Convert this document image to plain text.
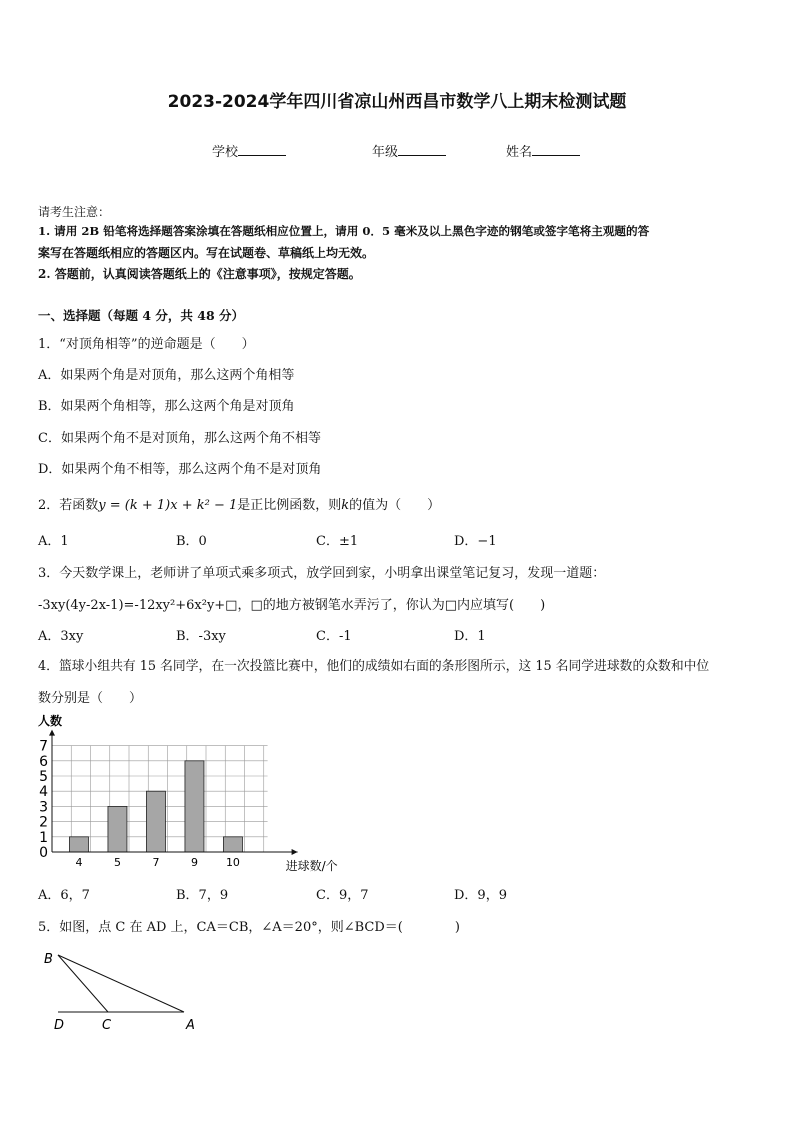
2023-2024学年四川省凉山州西昌市数学八上期末检测试题
学校	年级	姓名
请考生注意：
1. 请用 2B 铅笔将选择题答案涂填在答题纸相应位置上，请用 0．5 毫米及以上黑色字迹的钢笔或签字笔将主观题的答
案写在答题纸相应的答题区内。写在试题卷、草稿纸上均无效。
2. 答题前，认真阅读答题纸上的《注意事项》，按规定答题。
一、选择题（每题 4 分，共 48 分）
1．“对顶角相等”的逆命题是（　　）
A．如果两个角是对顶角，那么这两个角相等
B．如果两个角相等，那么这两个角是对顶角
C．如果两个角不是对顶角，那么这两个角不相等
D．如果两个角不相等，那么这两个角不是对顶角
2．若函数y = (k + 1)x + k² − 1是正比例函数，则k的值为（　　）
A．1	B．0	C．±1	D．−1
3．今天数学课上，老师讲了单项式乘多项式，放学回到家，小明拿出课堂笔记复习，发现一道题：
-3xy(4y-2x-1)=-12xy²+6x²y+□，□的地方被钢笔水弄污了，你认为□内应填写(　　)
A．3xy	B．-3xy	C．-1	D．1
4．篮球小组共有 15 名同学，在一次投篮比赛中，他们的成绩如右面的条形图所示，这 15 名同学进球数的众数和中位
数分别是（　　）
4	5	7	9	10
0
1
2
3
4
5
6
7
人数
进球数/个
A．6，7	B．7，9	C．9，7	D．9，9
5．如图，点 C 在 AD 上，CA＝CB，∠A＝20°，则∠BCD＝(　　　　)
B
D	C	A
